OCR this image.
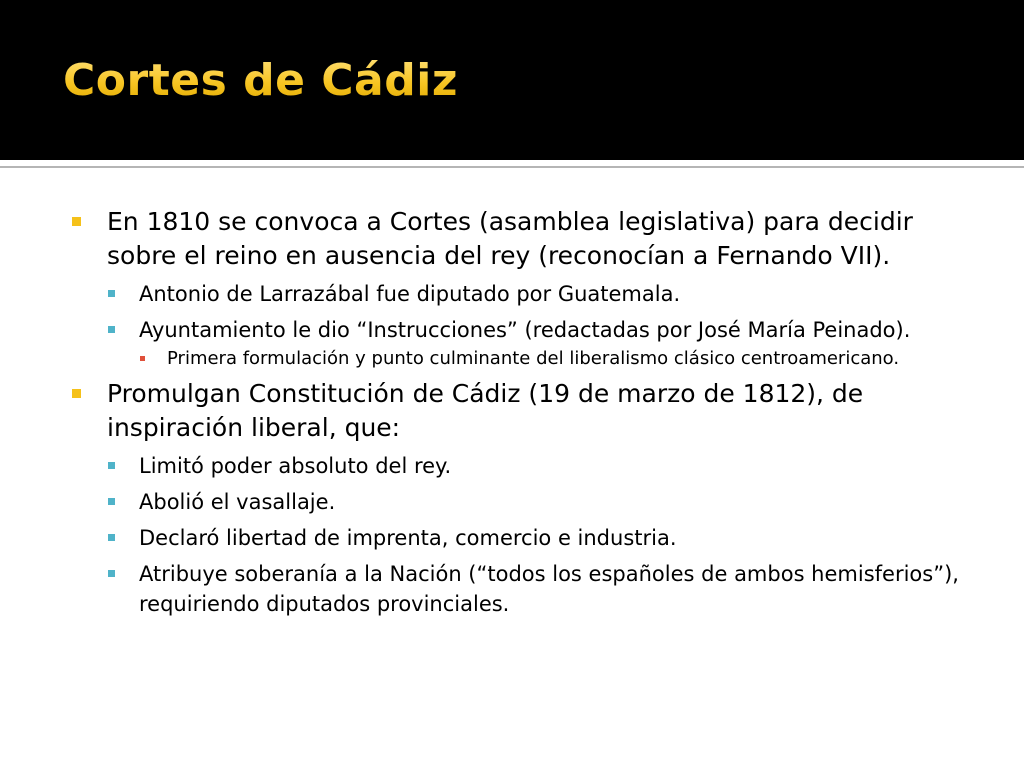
Cortes de Cádiz
En 1810 se convoca a Cortes (asamblea legislativa) para decidir sobre el reino en ausencia del rey (reconocían a Fernando VII).
Antonio de Larrazábal fue diputado por Guatemala.
Ayuntamiento le dio “Instrucciones” (redactadas por José María Peinado).
Primera formulación y punto culminante del liberalismo clásico centroamericano.
Promulgan Constitución de Cádiz (19 de marzo de 1812), de inspiración liberal, que:
Limitó poder absoluto del rey.
Abolió el vasallaje.
Declaró libertad de imprenta, comercio e industria.
Atribuye soberanía a la Nación (“todos los españoles de ambos hemisferios”), requiriendo diputados provinciales.
